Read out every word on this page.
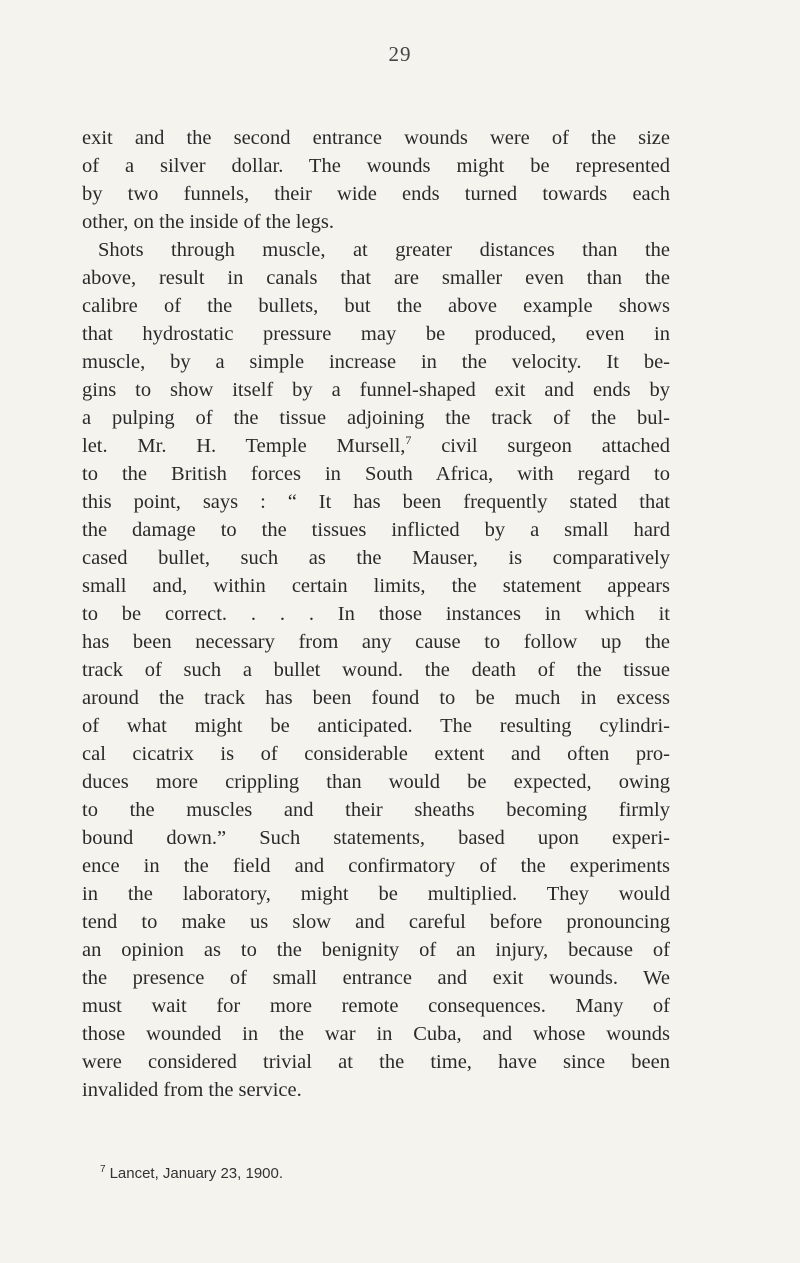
29
exit and the second entrance wounds were of the size
of a silver dollar. The wounds might be represented
by two funnels, their wide ends turned towards each
other, on the inside of the legs.
Shots through muscle, at greater distances than the
above, result in canals that are smaller even than the
calibre of the bullets, but the above example shows
that hydrostatic pressure may be produced, even in
muscle, by a simple increase in the velocity. It be-
gins to show itself by a funnel-shaped exit and ends by
a pulping of the tissue adjoining the track of the bul-
let. Mr. H. Temple Mursell,$^7$ civil surgeon attached
to the British forces in South Africa, with regard to
this point, says : “ It has been frequently stated that
the damage to the tissues inflicted by a small hard
cased bullet, such as the Mauser, is comparatively
small and, within certain limits, the statement appears
to be correct. . . . In those instances in which it
has been necessary from any cause to follow up the
track of such a bullet wound. the death of the tissue
around the track has been found to be much in excess
of what might be anticipated. The resulting cylindri-
cal cicatrix is of considerable extent and often pro-
duces more crippling than would be expected, owing
to the muscles and their sheaths becoming firmly
bound down.” Such statements, based upon experi-
ence in the field and confirmatory of the experiments
in the laboratory, might be multiplied. They would
tend to make us slow and careful before pronouncing
an opinion as to the benignity of an injury, because of
the presence of small entrance and exit wounds. We
must wait for more remote consequences. Many of
those wounded in the war in Cuba, and whose wounds
were considered trivial at the time, have since been
invalided from the service.
$^7$ Lancet, January 23, 1900.
